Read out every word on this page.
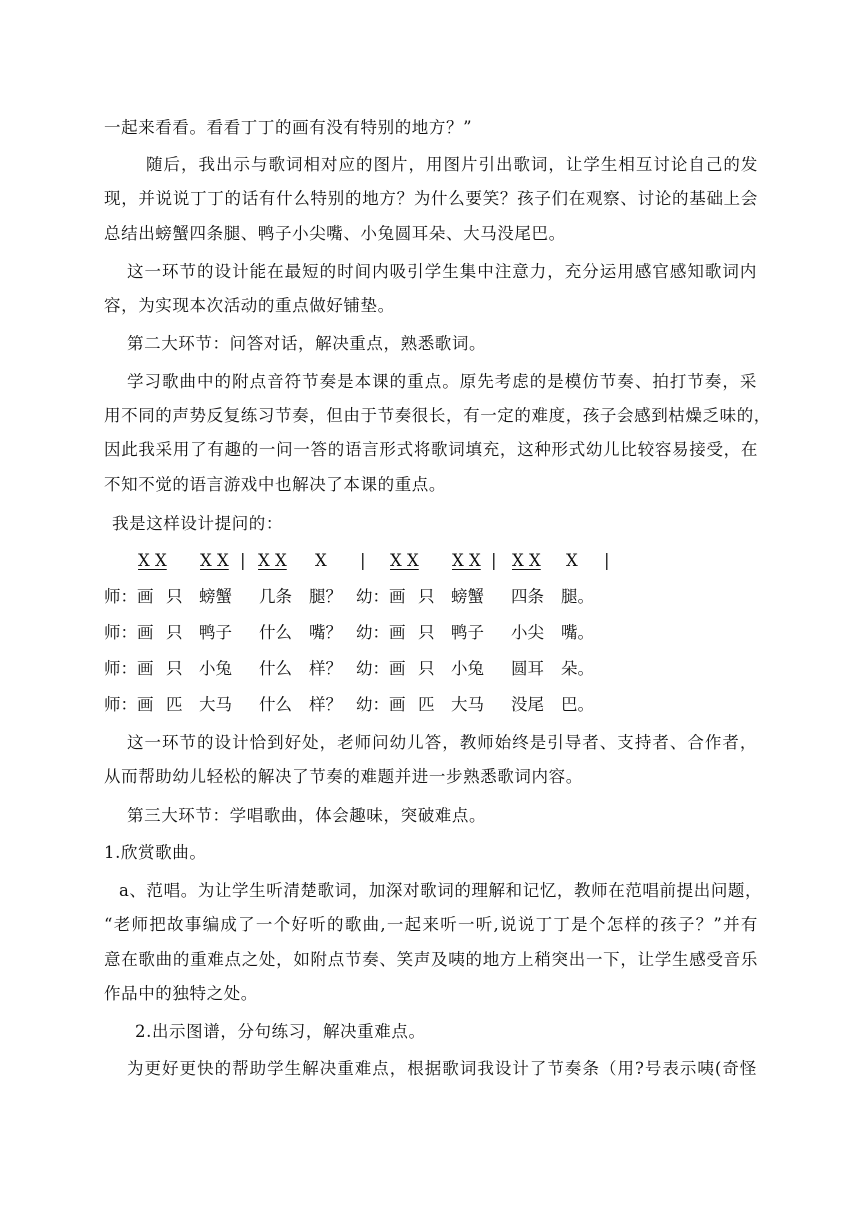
一起来看看。看看丁丁的画有没有特别的地方？”
随后，我出示与歌词相对应的图片，用图片引出歌词，让学生相互讨论自己的发
现，并说说丁丁的话有什么特别的地方？为什么要笑？孩子们在观察、讨论的基础上会
总结出螃蟹四条腿、鸭子小尖嘴、小兔圆耳朵、大马没尾巴。
这一环节的设计能在最短的时间内吸引学生集中注意力，充分运用感官感知歌词内
容，为实现本次活动的重点做好铺垫。
第二大环节：问答对话，解决重点，熟悉歌词。
学习歌曲中的附点音符节奏是本课的重点。原先考虑的是模仿节奏、拍打节奏，采
用不同的声势反复练习节奏，但由于节奏很长，有一定的难度，孩子会感到枯燥乏味的，
因此我采用了有趣的一问一答的语言形式将歌词填充，这种形式幼儿比较容易接受，在
不知不觉的语言游戏中也解决了本课的重点。
我是这样设计提问的：
X X X X | X X X | X X X X | X X X |
师：画 只 螃蟹 几条 腿？ 幼：画 只 螃蟹 四条 腿。
师：画 只 鸭子 什么 嘴？ 幼：画 只 鸭子 小尖 嘴。
师：画 只 小兔 什么 样？ 幼：画 只 小兔 圆耳 朵。
师：画 匹 大马 什么 样？ 幼：画 匹 大马 没尾 巴。
这一环节的设计恰到好处，老师问幼儿答，教师始终是引导者、支持者、合作者，
从而帮助幼儿轻松的解决了节奏的难题并进一步熟悉歌词内容。
第三大环节：学唱歌曲，体会趣味，突破难点。
1.欣赏歌曲。
a、范唱。为让学生听清楚歌词，加深对歌词的理解和记忆，教师在范唱前提出问题，
“老师把故事编成了一个好听的歌曲,一起来听一听,说说丁丁是个怎样的孩子？”并有
意在歌曲的重难点之处，如附点节奏、笑声及咦的地方上稍突出一下，让学生感受音乐
作品中的独特之处。
2.出示图谱，分句练习，解决重难点。
为更好更快的帮助学生解决重难点，根据歌词我设计了节奏条（用?号表示咦(奇怪
